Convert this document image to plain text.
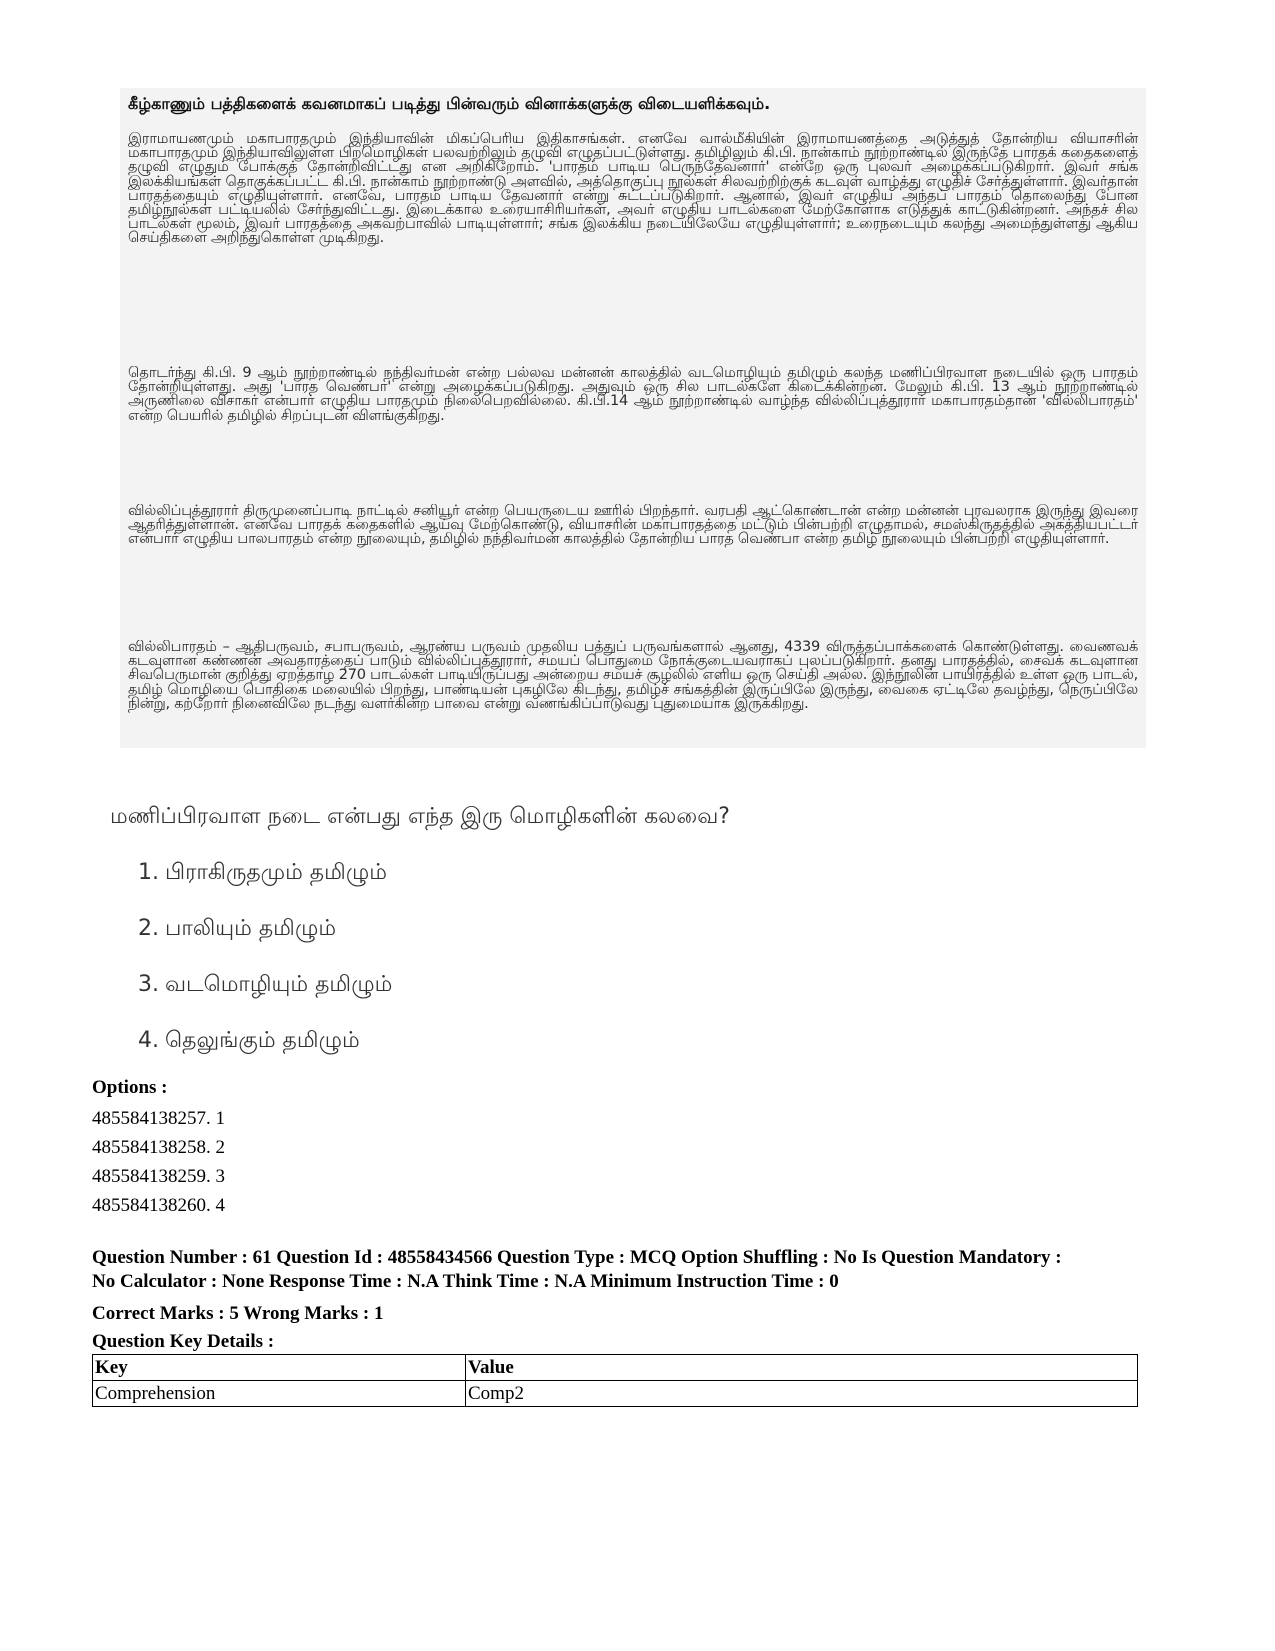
கீழ்காணும் பத்திகளைக் கவனமாகப் படித்து பின்வரும் வினாக்களுக்கு விடையளிக்கவும்.
இராமாயணமும் மகாபாரதமும் இந்தியாவின் மிகப்பெரிய இதிகாசங்கள். எனவே வால்மீகியின் இராமாயணத்தை அடுத்துத் தோன்றிய வியாசரின் மகாபாரதமும் இந்தியாவிலுள்ள பிறமொழிகள் பலவற்றிலும் தழுவி எழுதப்பட்டுள்ளது. தமிழிலும் கி.பி. நான்காம் நூற்றாண்டில் இருந்தே பாரதக் கதைகளைத் தழுவி எழுதும் போக்குத் தோன்றிவிட்டது என அறிகிறோம். 'பாரதம் பாடிய பெருந்தேவனார்' என்றே ஒரு புலவர் அழைக்கப்படுகிறார். இவர் சங்க இலக்கியங்கள் தொகுக்கப்பட்ட கி.பி. நான்காம் நூற்றாண்டு அளவில், அத்தொகுப்பு நூல்கள் சிலவற்றிற்குக் கடவுள் வாழ்த்து எழுதிச் சேர்த்துள்ளார். இவர்தான் பாரதத்தையும் எழுதியுள்ளார். எனவே, பாரதம் பாடிய தேவனார் என்று சுட்டப்படுகிறார். ஆனால், இவர் எழுதிய அந்தப் பாரதம் தொலைந்து போன தமிழ்நூல்கள் பட்டியலில் சேர்ந்துவிட்டது. இடைக்கால உரையாசிரியர்கள், அவர் எழுதிய பாடல்களை மேற்கோளாக எடுத்துக் காட்டுகின்றனர். அந்தச் சில பாடல்கள் மூலம், இவர் பாரதத்தை அகவற்பாவில் பாடியுள்ளார்; சங்க இலக்கிய நடையிலேயே எழுதியுள்ளார்; உரைநடையும் கலந்து அமைந்துள்ளது ஆகிய செய்திகளை அறிந்துகொள்ள முடிகிறது.
தொடர்ந்து கி.பி. 9 ஆம் நூற்றாண்டில் நந்திவர்மன் என்ற பல்லவ மன்னன் காலத்தில் வடமொழியும் தமிழும் கலந்த மணிப்பிரவாள நடையில் ஒரு பாரதம் தோன்றியுள்ளது. அது 'பாரத வெண்பா' என்று அழைக்கப்படுகிறது. அதுவும் ஒரு சில பாடல்களே கிடைக்கின்றன. மேலும் கி.பி. 13 ஆம் நூற்றாண்டில் அருணிலை விசாகர் என்பார் எழுதிய பாரதமும் நிலைபெறவில்லை. கி.பி.14 ஆம் நூற்றாண்டில் வாழ்ந்த வில்லிப்புத்தூரார் மகாபாரதம்தான் 'வில்லிபாரதம்' என்ற பெயரில் தமிழில் சிறப்புடன் விளங்குகிறது.
வில்லிப்புத்தூரார் திருமுனைப்பாடி நாட்டில் சனியூர் என்ற பெயருடைய ஊரில் பிறந்தார். வரபதி ஆட்கொண்டான் என்ற மன்னன் புரவலராக இருந்து இவரை ஆதரித்துள்ளான். எனவே பாரதக் கதைகளில் ஆய்வு மேற்கொண்டு, வியாசரின் மகாபாரதத்தை மட்டும் பின்பற்றி எழுதாமல், சமஸ்கிருதத்தில் அகத்தியபட்டர் என்பார் எழுதிய பாலபாரதம் என்ற நூலையும், தமிழில் நந்திவர்மன் காலத்தில் தோன்றிய பாரத வெண்பா என்ற தமிழ் நூலையும் பின்பற்றி எழுதியுள்ளார்.
வில்லிபாரதம் – ஆதிபருவம், சபாபருவம், ஆரண்ய பருவம் முதலிய பத்துப் பருவங்களால் ஆனது, 4339 விருத்தப்பாக்களைக் கொண்டுள்ளது. வைணவக் கடவுளான கண்ணன் அவதாரத்தைப் பாடும் வில்லிப்புத்தூரார், சமயப் பொதுமை நோக்குடையவராகப் புலப்படுகிறார். தனது பாரதத்தில், சைவக் கடவுளான சிவபெருமான் குறித்து ஏறத்தாழ 270 பாடல்கள் பாடியிருப்பது அன்றைய சமயச் சூழலில் எளிய ஒரு செய்தி அல்ல. இந்நூலின் பாயிரத்தில் உள்ள ஒரு பாடல், தமிழ் மொழியை பொதிகை மலையில் பிறந்து, பாண்டியன் புகழிலே கிடந்து, தமிழ்ச் சங்கத்தின் இருப்பிலே இருந்து, வைகை ஏட்டிலே தவழ்ந்து, நெருப்பிலே நின்று, கற்றோர் நினைவிலே நடந்து வளர்கின்ற பாவை என்று வணங்கிப்பாடுவது புதுமையாக இருக்கிறது.
மணிப்பிரவாள நடை என்பது எந்த இரு மொழிகளின் கலவை?
1. பிராகிருதமும் தமிழும்
2. பாலியும் தமிழும்
3. வடமொழியும் தமிழும்
4. தெலுங்கும் தமிழும்
Options :
485584138257. 1
485584138258. 2
485584138259. 3
485584138260. 4
Question Number : 61 Question Id : 48558434566 Question Type : MCQ Option Shuffling : No Is Question Mandatory :
No Calculator : None Response Time : N.A Think Time : N.A Minimum Instruction Time : 0
Correct Marks : 5 Wrong Marks : 1
Question Key Details :
Key	Value
Comprehension	Comp2
